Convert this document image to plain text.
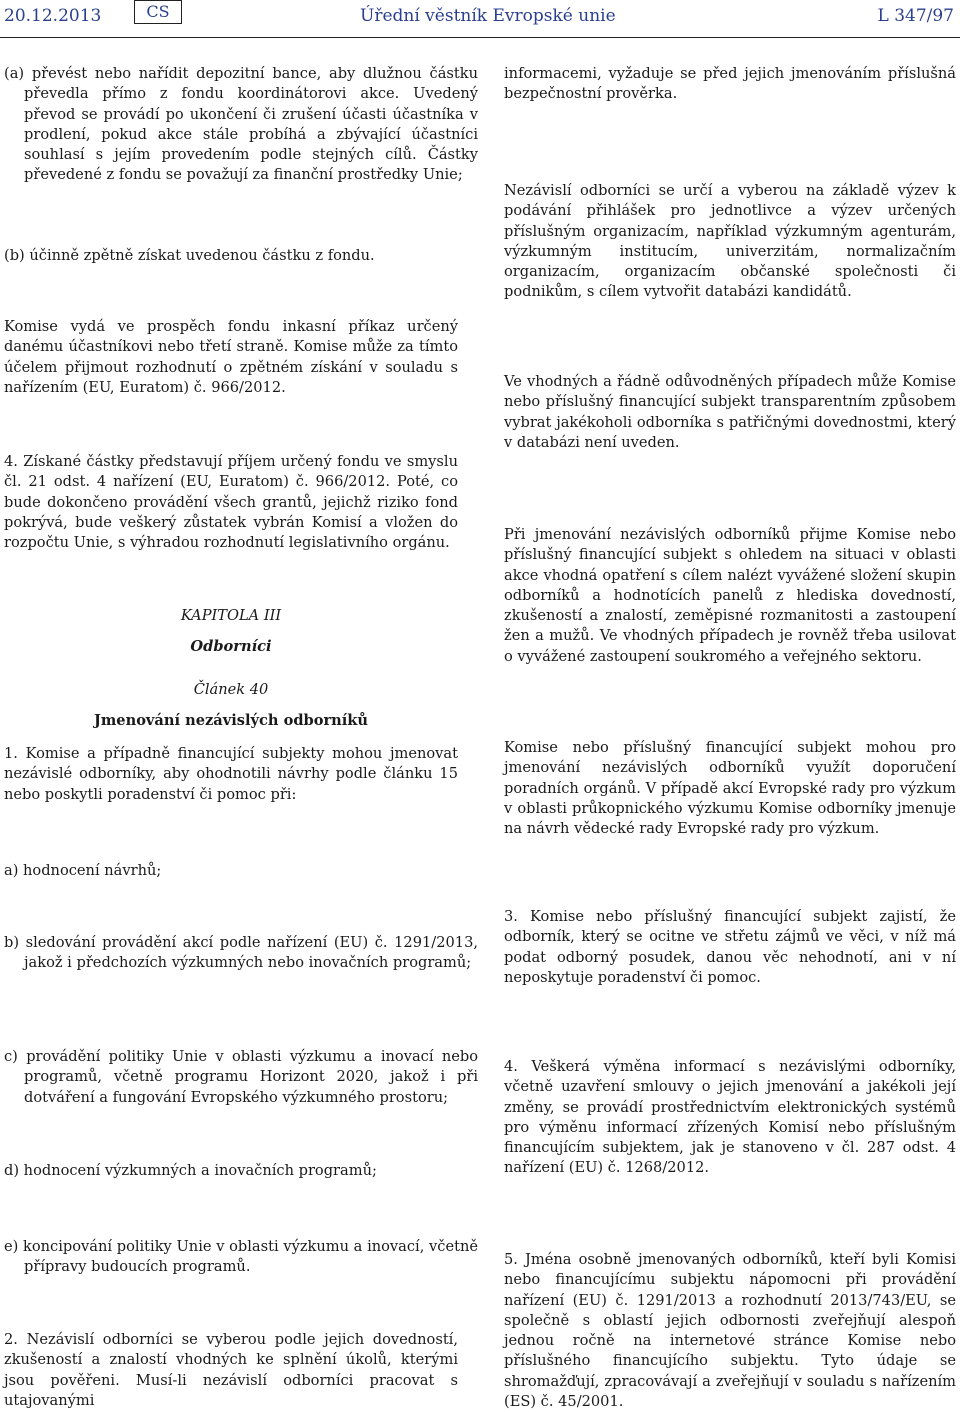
20.12.2013	CS	Úřední věstník Evropské unie	L 347/97

(a) převést nebo nařídit depozitní bance, aby dlužnou částku převedla přímo z fondu koordinátorovi akce. Uvedený převod se provádí po ukončení či zrušení účasti účastníka v prodlení, pokud akce stále probíhá a zbývající účastníci souhlasí s jejím provedením podle stejných cílů. Částky převedené z fondu se považují za finanční prostředky Unie;

(b) účinně zpětně získat uvedenou částku z fondu.

Komise vydá ve prospěch fondu inkasní příkaz určený danému účastníkovi nebo třetí straně. Komise může za tímto účelem přijmout rozhodnutí o zpětném získání v souladu s nařízením (EU, Euratom) č. 966/2012.

4. Získané částky představují příjem určený fondu ve smyslu čl. 21 odst. 4 nařízení (EU, Euratom) č. 966/2012. Poté, co bude dokončeno provádění všech grantů, jejichž riziko fond pokrývá, bude veškerý zůstatek vybrán Komisí a vložen do rozpočtu Unie, s výhradou rozhodnutí legislativního orgánu.

KAPITOLA III

Odborníci

Článek 40

Jmenování nezávislých odborníků

1. Komise a případně financující subjekty mohou jmenovat nezávislé odborníky, aby ohodnotili návrhy podle článku 15 nebo poskytli poradenství či pomoc při:

a) hodnocení návrhů;

b) sledování provádění akcí podle nařízení (EU) č. 1291/2013, jakož i předchozích výzkumných nebo inovačních programů;

c) provádění politiky Unie v oblasti výzkumu a inovací nebo programů, včetně programu Horizont 2020, jakož i při dotváření a fungování Evropského výzkumného prostoru;

d) hodnocení výzkumných a inovačních programů;

e) koncipování politiky Unie v oblasti výzkumu a inovací, včetně přípravy budoucích programů.

2. Nezávislí odborníci se vyberou podle jejich dovedností, zkušeností a znalostí vhodných ke splnění úkolů, kterými jsou pověřeni. Musí-li nezávislí odborníci pracovat s utajovanými

informacemi, vyžaduje se před jejich jmenováním příslušná bezpečnostní prověrka.

Nezávislí odborníci se určí a vyberou na základě výzev k podávání přihlášek pro jednotlivce a výzev určených příslušným organizacím, například výzkumným agenturám, výzkumným institucím, univerzitám, normalizačním organizacím, organizacím občanské společnosti či podnikům, s cílem vytvořit databázi kandidátů.

Ve vhodných a řádně odůvodněných případech může Komise nebo příslušný financující subjekt transparentním způsobem vybrat jakékoholi odborníka s patřičnými dovednostmi, který v databázi není uveden.

Při jmenování nezávislých odborníků přijme Komise nebo příslušný financující subjekt s ohledem na situaci v oblasti akce vhodná opatření s cílem nalézt vyvážené složení skupin odborníků a hodnotících panelů z hlediska dovedností, zkušeností a znalostí, zeměpisné rozmanitosti a zastoupení žen a mužů. Ve vhodných případech je rovněž třeba usilovat o vyvážené zastoupení soukromého a veřejného sektoru.

Komise nebo příslušný financující subjekt mohou pro jmenování nezávislých odborníků využít doporučení poradních orgánů. V případě akcí Evropské rady pro výzkum v oblasti průkopnického výzkumu Komise odborníky jmenuje na návrh vědecké rady Evropské rady pro výzkum.

3. Komise nebo příslušný financující subjekt zajistí, že odborník, který se ocitne ve střetu zájmů ve věci, v níž má podat odborný posudek, danou věc nehodnotí, ani v ní neposkytuje poradenství či pomoc.

4. Veškerá výměna informací s nezávislými odborníky, včetně uzavření smlouvy o jejich jmenování a jakékoli její změny, se provádí prostřednictvím elektronických systémů pro výměnu informací zřízených Komisí nebo příslušným financujícím subjektem, jak je stanoveno v čl. 287 odst. 4 nařízení (EU) č. 1268/2012.

5. Jména osobně jmenovaných odborníků, kteří byli Komisi nebo financujícímu subjektu nápomocni při provádění nařízení (EU) č. 1291/2013 a rozhodnutí 2013/743/EU, se společně s oblastí jejich odbornosti zveřejňují alespoň jednou ročně na internetové stránce Komise nebo příslušného financujícího subjektu. Tyto údaje se shromažďují, zpracovávají a zveřejňují v souladu s nařízením (ES) č. 45/2001.
